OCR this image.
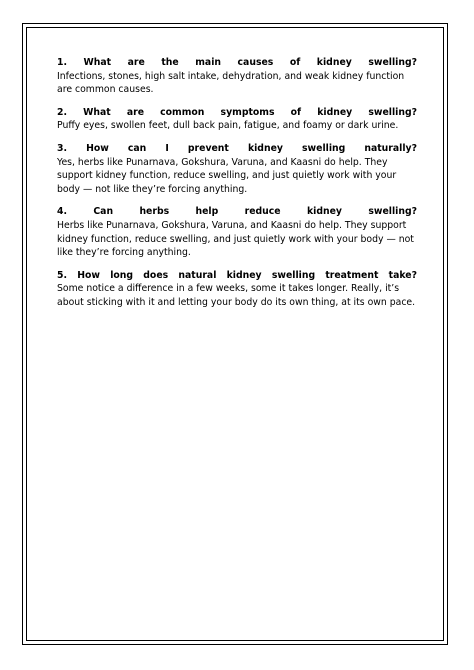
1. What are the main causes of kidney swelling?
Infections, stones, high salt intake, dehydration, and weak kidney function are common causes.
2. What are common symptoms of kidney swelling?
Puffy eyes, swollen feet, dull back pain, fatigue, and foamy or dark urine.
3. How can I prevent kidney swelling naturally?
Yes, herbs like Punarnava, Gokshura, Varuna, and Kaasni do help. They support kidney function, reduce swelling, and just quietly work with your body — not like they’re forcing anything.
4. Can herbs help reduce kidney swelling?
Herbs like Punarnava, Gokshura, Varuna, and Kaasni do help. They support kidney function, reduce swelling, and just quietly work with your body — not like they’re forcing anything.
5. How long does natural kidney swelling treatment take?
Some notice a difference in a few weeks, some it takes longer. Really, it’s about sticking with it and letting your body do its own thing, at its own pace.
